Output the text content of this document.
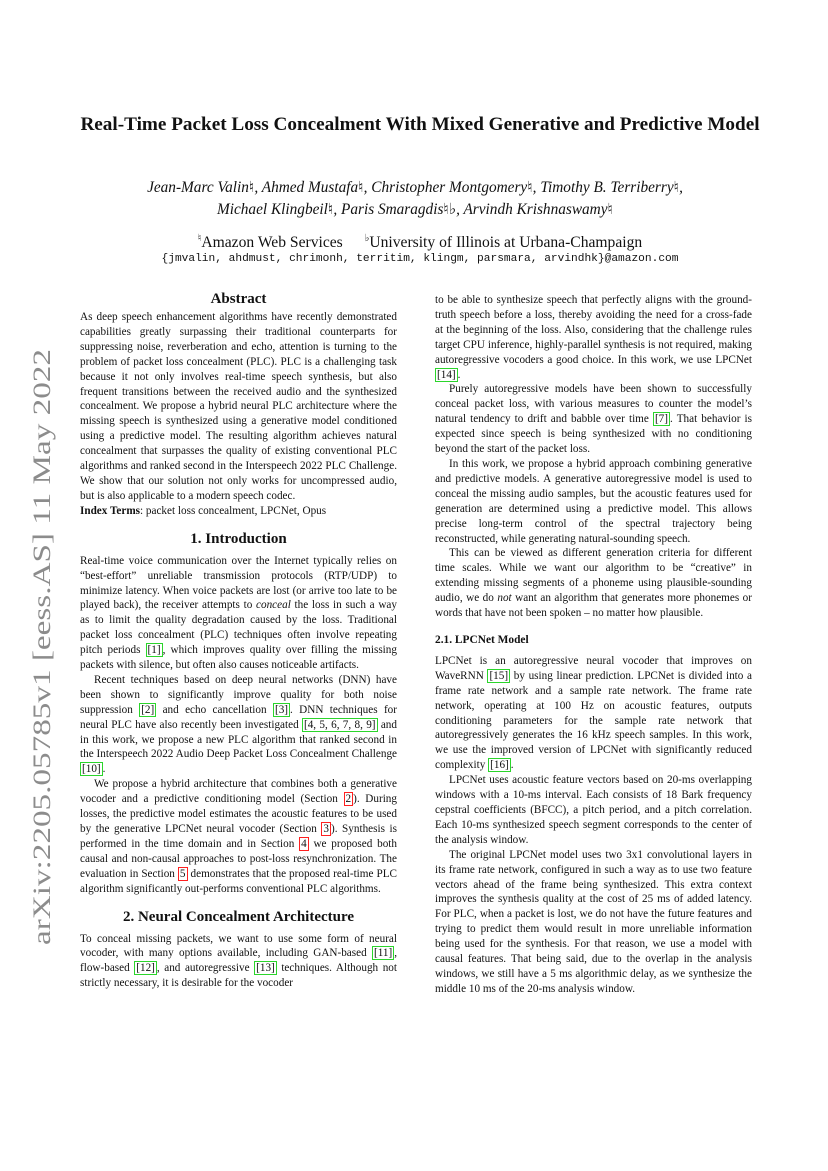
arXiv:2205.05785v1 [eess.AS] 11 May 2022
Real-Time Packet Loss Concealment With Mixed Generative and Predictive Model
Jean-Marc Valin♮, Ahmed Mustafa♮, Christopher Montgomery♮, Timothy B. Terriberry♮,
Michael Klingbeil♮, Paris Smaragdis♮♭, Arvindh Krishnaswamy♮
♮Amazon Web Services ♭University of Illinois at Urbana-Champaign
{jmvalin, ahdmust, chrimonh, territim, klingm, parsmara, arvindhk}@amazon.com
Abstract

As deep speech enhancement algorithms have recently demonstrated capabilities greatly surpassing their traditional counterparts for suppressing noise, reverberation and echo, attention is turning to the problem of packet loss concealment (PLC). PLC is a challenging task because it not only involves real-time speech synthesis, but also frequent transitions between the received audio and the synthesized concealment. We propose a hybrid neural PLC architecture where the missing speech is synthesized using a generative model conditioned using a predictive model. The resulting algorithm achieves natural concealment that surpasses the quality of existing conventional PLC algorithms and ranked second in the Interspeech 2022 PLC Challenge. We show that our solution not only works for uncompressed audio, but is also applicable to a modern speech codec.
Index Terms: packet loss concealment, LPCNet, Opus

1. Introduction

Real-time voice communication over the Internet typically relies on “best-effort” unreliable transmission protocols (RTP/UDP) to minimize latency. When voice packets are lost (or arrive too late to be played back), the receiver attempts to conceal the loss in such a way as to limit the quality degradation caused by the loss. Traditional packet loss concealment (PLC) techniques often involve repeating pitch periods [1] , which improves quality over filling the missing packets with silence, but often also causes noticeable artifacts.

Recent techniques based on deep neural networks (DNN) have been shown to significantly improve quality for both noise suppression [2] and echo cancellation [3] . DNN techniques for neural PLC have also recently been investigated [4, 5, 6, 7, 8, 9] and in this work, we propose a new PLC algorithm that ranked second in the Interspeech 2022 Audio Deep Packet Loss Concealment Challenge [10] .

We propose a hybrid architecture that combines both a generative vocoder and a predictive conditioning model (Section 2 ). During losses, the predictive model estimates the acoustic features to be used by the generative LPCNet neural vocoder (Section 3 ). Synthesis is performed in the time domain and in Section 4 we proposed both causal and non-causal approaches to post-loss resynchronization. The evaluation in Section 5 demonstrates that the proposed real-time PLC algorithm significantly out-performs conventional PLC algorithms.

2. Neural Concealment Architecture

To conceal missing packets, we want to use some form of neural vocoder, with many options available, including GAN-based [11] , flow-based [12] , and autoregressive [13] techniques. Although not strictly necessary, it is desirable for the vocoder

to be able to synthesize speech that perfectly aligns with the ground-truth speech before a loss, thereby avoiding the need for a cross-fade at the beginning of the loss. Also, considering that the challenge rules target CPU inference, highly-parallel synthesis is not required, making autoregressive vocoders a good choice. In this work, we use LPCNet [14] .

Purely autoregressive models have been shown to successfully conceal packet loss, with various measures to counter the model’s natural tendency to drift and babble over time [7] . That behavior is expected since speech is being synthesized with no conditioning beyond the start of the packet loss.

In this work, we propose a hybrid approach combining generative and predictive models. A generative autoregressive model is used to conceal the missing audio samples, but the acoustic features used for generation are determined using a predictive model. This allows precise long-term control of the spectral trajectory being reconstructed, while generating natural-sounding speech.

This can be viewed as different generation criteria for different time scales. While we want our algorithm to be “creative” in extending missing segments of a phoneme using plausible-sounding audio, we do not want an algorithm that generates more phonemes or words that have not been spoken – no matter how plausible.

2.1. LPCNet Model

LPCNet is an autoregressive neural vocoder that improves on WaveRNN [15] by using linear prediction. LPCNet is divided into a frame rate network and a sample rate network. The frame rate network, operating at 100 Hz on acoustic features, outputs conditioning parameters for the sample rate network that autoregressively generates the 16 kHz speech samples. In this work, we use the improved version of LPCNet with significantly reduced complexity [16] .

LPCNet uses acoustic feature vectors based on 20-ms overlapping windows with a 10-ms interval. Each consists of 18 Bark frequency cepstral coefficients (BFCC), a pitch period, and a pitch correlation. Each 10-ms synthesized speech segment corresponds to the center of the analysis window.

The original LPCNet model uses two 3x1 convolutional layers in its frame rate network, configured in such a way as to use two feature vectors ahead of the frame being synthesized. This extra context improves the synthesis quality at the cost of 25 ms of added latency. For PLC, when a packet is lost, we do not have the future features and trying to predict them would result in more unreliable information being used for the synthesis. For that reason, we use a model with causal features. That being said, due to the overlap in the analysis windows, we still have a 5 ms algorithmic delay, as we synthesize the middle 10 ms of the 20-ms analysis window.
